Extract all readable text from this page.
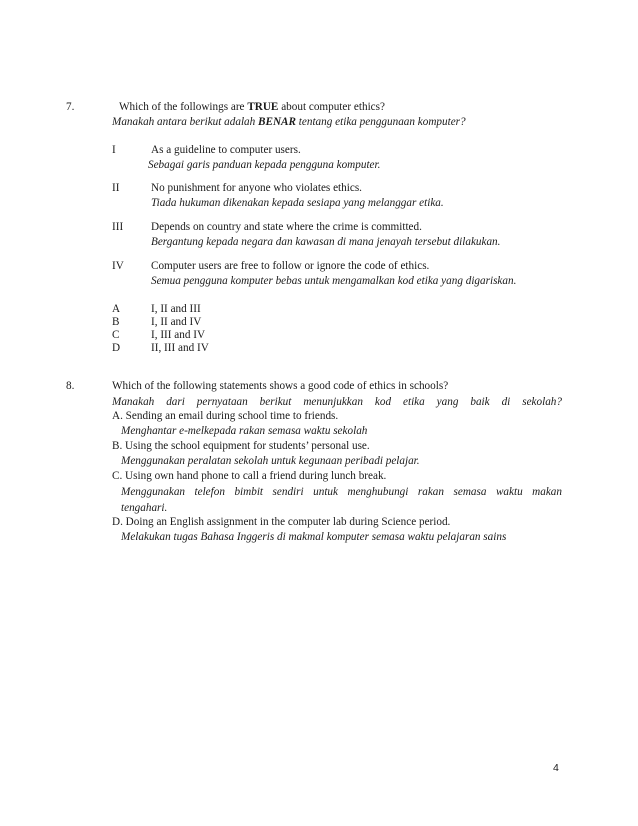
7.	Which of the followings are TRUE about computer ethics?
Manakah antara berikut adalah BENAR tentang etika penggunaan komputer?
I	As a guideline to computer users.
Sebagai garis panduan kepada pengguna komputer.
II	No punishment for anyone who violates ethics.
Tiada hukuman dikenakan kepada sesiapa yang melanggar etika.
III Depends on country and state where the crime is committed.
Bergantung kepada negara dan kawasan di mana jenayah tersebut dilakukan.
IV Computer users are free to follow or ignore the code of ethics.
Semua pengguna komputer bebas untuk mengamalkan kod etika yang digariskan.
A	I, II and III
B	I, II and IV
C	I, III and IV
D	II, III and IV
8.	Which of the following statements shows a good code of ethics in schools?
Manakah dari pernyataan berikut menunjukkan kod etika yang baik di sekolah?
A. Sending an email during school time to friends.
Menghantar e-melkepada rakan semasa waktu sekolah
B. Using the school equipment for students’ personal use.
Menggunakan peralatan sekolah untuk kegunaan peribadi pelajar.
C. Using own hand phone to call a friend during lunch break.
Menggunakan telefon bimbit sendiri untuk menghubungi rakan semasa waktu makan
tengahari.
D. Doing an English assignment in the computer lab during Science period.
Melakukan tugas Bahasa Inggeris di makmal komputer semasa waktu pelajaran sains
4
